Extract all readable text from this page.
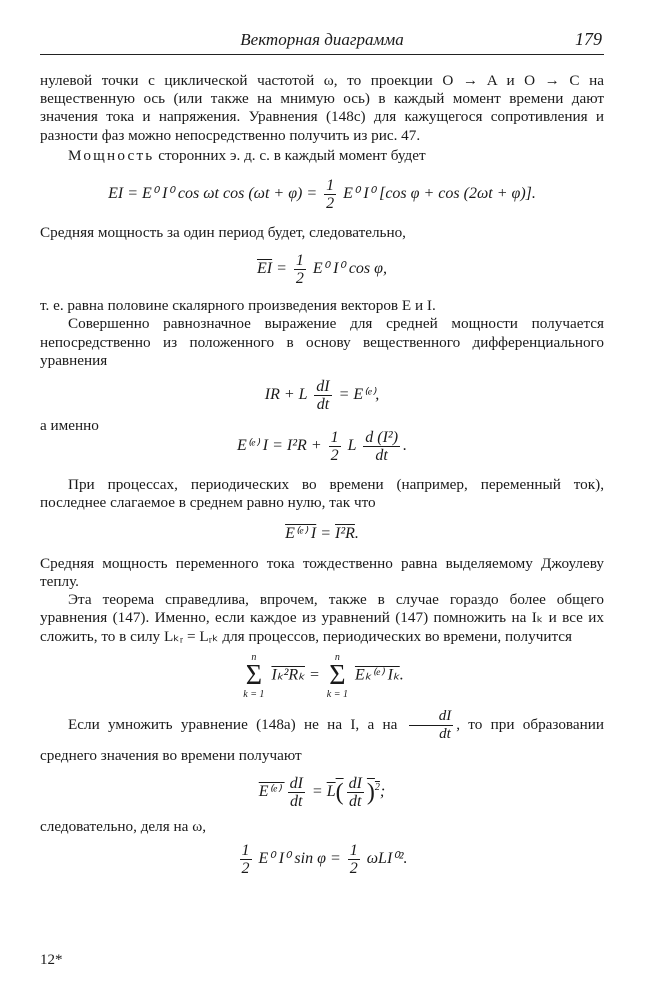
Векторная диаграмма	179

нулевой точки с циклической частотой ω, то проекции O → A и O → C на вещественную ось (или также на мнимую ось) в каждый момент времени дают значения тока и напряжения. Уравнения (148c) для кажущегося сопротивления и разности фаз можно непосредственно получить из рис. 47.

Мощность сторонних э. д. с. в каждый момент будет

EI = E⁰ I⁰ cos ωt $\cos (\omega t + \varphi) = \frac{1}{2} E^0$ I⁰ [cos φ + cos (2ωt + φ)].

Средняя мощность за один период будет, следовательно,

$\overline{EI} = \frac{1}{2} E^0$ I⁰ cos φ,

т. е. равна половине скалярного произведения векторов E и I.

Совершенно равнозначное выражение для средней мощности получается непосредственно из положенного в основу вещественного дифференциального уравнения

IR + L $\frac{dI}{dt}$ = E⁽ᵉ⁾,

а именно

E⁽ᵉ⁾ $I = I^2R + \frac{1}{2}$ L $\frac{\text{d (I²)}}{dt}$ .

При процессах, периодических во времени (например, переменный ток), последнее слагаемое в среднем равно нулю, так что

E⁽ᵉ⁾ I = I²R.

Средняя мощность переменного тока тождественно равна выделяемому Джоулеву теплу.

Эта теорема справедлива, впрочем, также в случае гораздо более общего уравнения (147). Именно, если каждое из уравнений (147) помножить на Iₖ и все их сложить, то в силу Lₖᵣ = Lᵣₖ для процессов, периодических во времени, получится

n
Σ
k = 1
Iₖ²Rₖ =
n
Σ
k = 1
Eₖ⁽ᵉ⁾ Iₖ.

Если умножить уравнение (148a) не на I, а на $\frac{dI}{dt}$ , то при образовании среднего значения во времени получают

E⁽ᵉ⁾ $\frac{dI}{dt} = L( \frac{dI}{dt} )^2$;

следовательно, деля на ω,

$\frac{1}{2} E^0$ I⁰ $\sin \varphi = \frac{1}{2} \omega LI^{02}$.
12*
